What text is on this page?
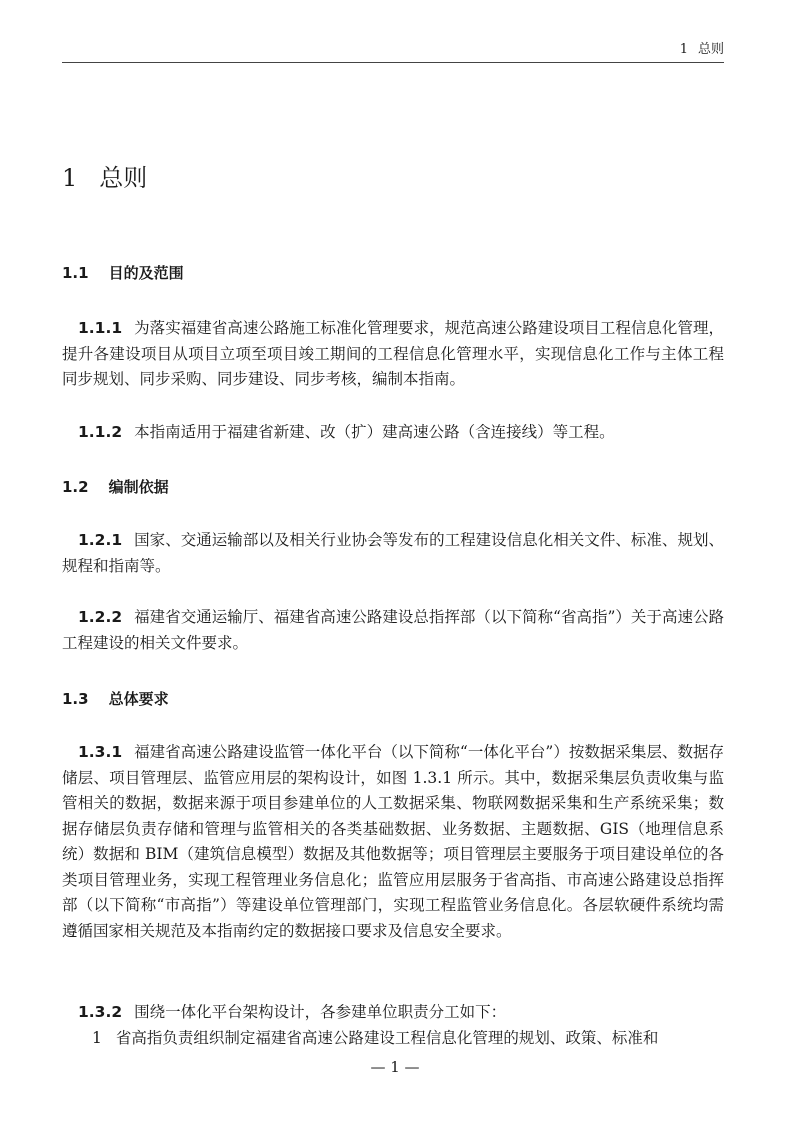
1 总则
1 总则
1.1 目的及范围

1.1.1 为落实福建省高速公路施工标准化管理要求，规范高速公路建设项目工程信息化管理，提升各建设项目从项目立项至项目竣工期间的工程信息化管理水平，实现信息化工作与主体工程同步规划、同步采购、同步建设、同步考核，编制本指南。

1.1.2 本指南适用于福建省新建、改（扩）建高速公路（含连接线）等工程。

1.2 编制依据

1.2.1 国家、交通运输部以及相关行业协会等发布的工程建设信息化相关文件、标准、规划、规程和指南等。

1.2.2 福建省交通运输厅、福建省高速公路建设总指挥部（以下简称“省高指”）关于高速公路工程建设的相关文件要求。

1.3 总体要求

1.3.1 福建省高速公路建设监管一体化平台（以下简称“一体化平台”）按数据采集层、数据存储层、项目管理层、监管应用层的架构设计，如图 1.3.1 所示。其中，数据采集层负责收集与监管相关的数据，数据来源于项目参建单位的人工数据采集、物联网数据采集和生产系统采集；数据存储层负责存储和管理与监管相关的各类基础数据、业务数据、主题数据、GIS（地理信息系统）数据和 BIM（建筑信息模型）数据及其他数据等；项目管理层主要服务于项目建设单位的各类项目管理业务，实现工程管理业务信息化；监管应用层服务于省高指、市高速公路建设总指挥部（以下简称“市高指”）等建设单位管理部门，实现工程监管业务信息化。各层软硬件系统均需遵循国家相关规范及本指南约定的数据接口要求及信息安全要求。

1.3.2 围绕一体化平台架构设计，各参建单位职责分工如下：

1 省高指负责组织制定福建省高速公路建设工程信息化管理的规划、政策、标准和

— 1 —
